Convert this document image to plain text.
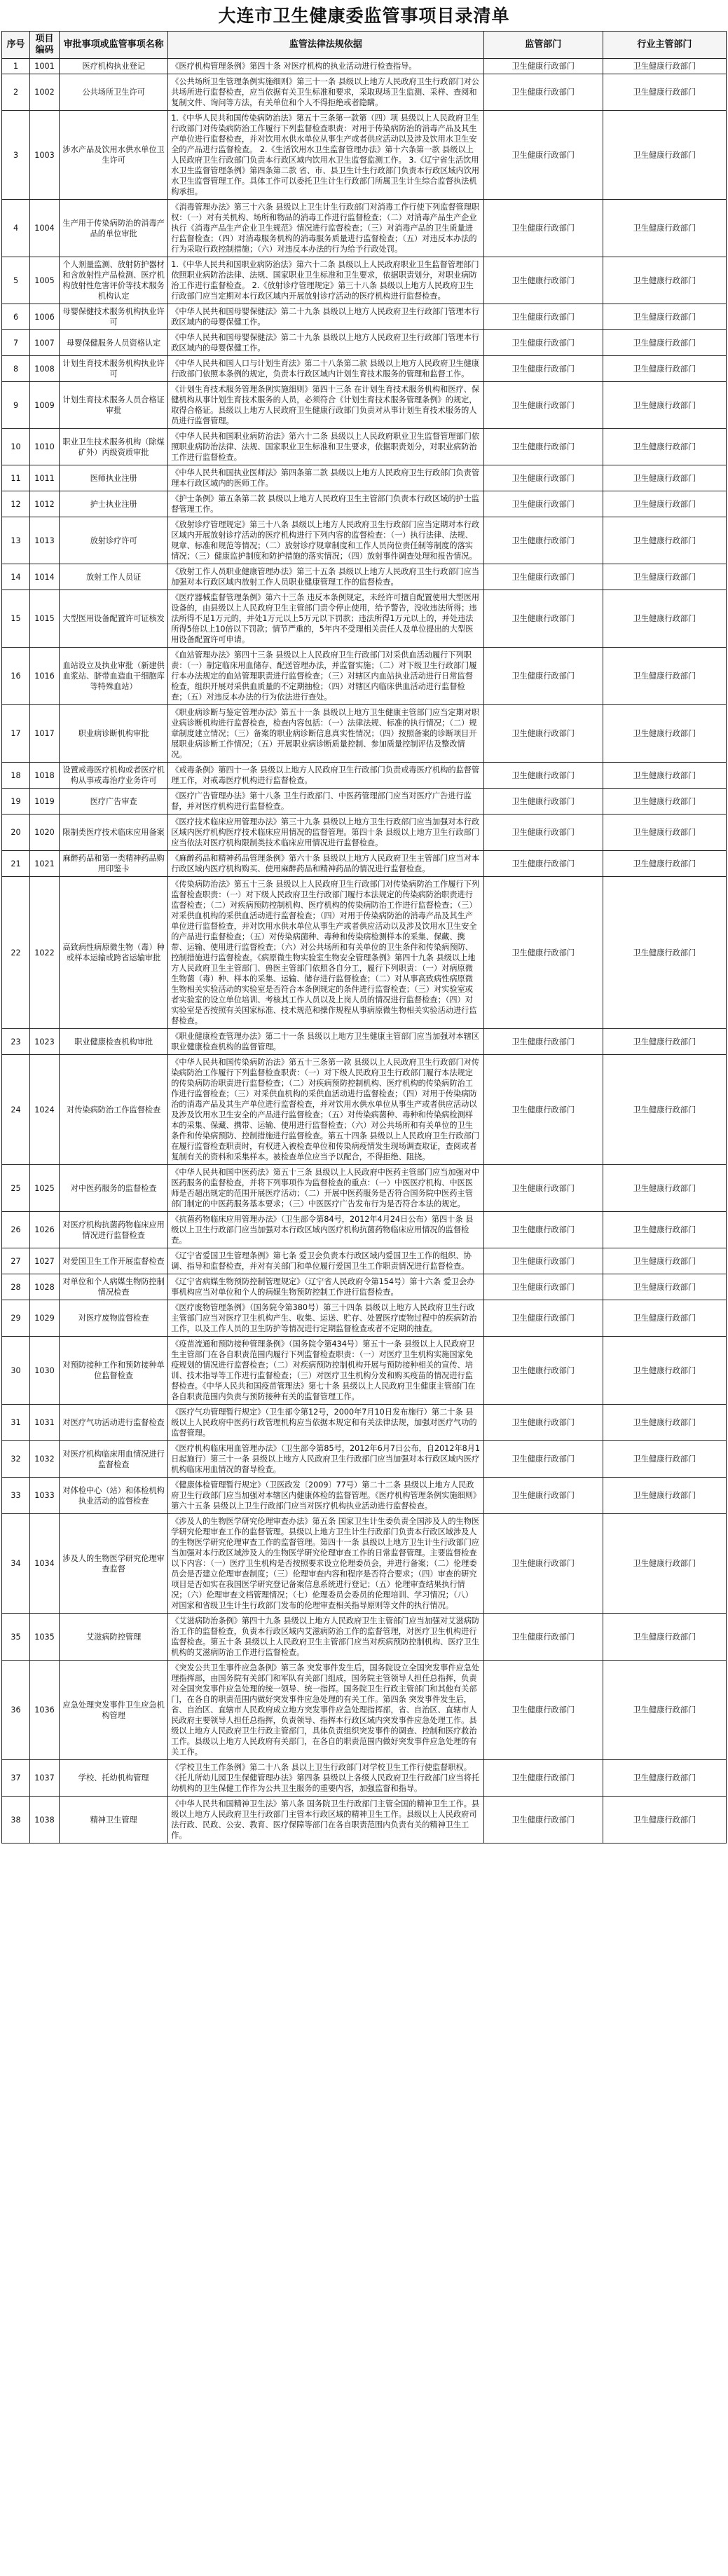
大连市卫生健康委监管事项目录清单
序号	项目编码	审批事项或监管事项名称	监管法律法规依据	监管部门	行业主管部门
1	1001	医疗机构执业登记	《医疗机构管理条例》第四十条 对医疗机构的执业活动进行检查指导。	卫生健康行政部门	卫生健康行政部门
2	1002	公共场所卫生许可	《公共场所卫生管理条例实施细则》第三十一条 县级以上地方人民政府卫生行政部门对公共场所进行监督检查，应当依据有关卫生标准和要求，采取现场卫生监测、采样、查阅和复制文件、询问等方法，有关单位和个人不得拒绝或者隐瞒。	卫生健康行政部门	卫生健康行政部门
3	1003	涉水产品及饮用水供水单位卫生许可	1.《中华人民共和国传染病防治法》第五十三条第一款第（四）项 县级以上人民政府卫生行政部门对传染病防治工作履行下列监督检查职责：对用于传染病防治的消毒产品及其生产单位进行监督检查，并对饮用水供水单位从事生产或者供应活动以及涉及饮用水卫生安全的产品进行监督检查。 2.《生活饮用水卫生监督管理办法》第十六条第一款 县级以上人民政府卫生行政部门负责本行政区域内饮用水卫生监督监测工作。 3.《辽宁省生活饮用水卫生监督管理条例》第四条第二款 省、市、县卫生计生行政部门负责本行政区域内饮用水卫生监督管理工作。具体工作可以委托卫生计生行政部门所属卫生计生综合监督执法机构承担。	卫生健康行政部门	卫生健康行政部门
4	1004	生产用于传染病防治的消毒产品的单位审批	《消毒管理办法》第三十六条 县级以上卫生计生行政部门对消毒工作行使下列监督管理职权：（一）对有关机构、场所和物品的消毒工作进行监督检查；（二）对消毒产品生产企业执行《消毒产品生产企业卫生规范》情况进行监督检查；（三）对消毒产品的卫生质量进行监督检查；（四）对消毒服务机构的消毒服务质量进行监督检查；（五）对违反本办法的行为采取行政控制措施；（六）对违反本办法的行为给予行政处罚。	卫生健康行政部门	卫生健康行政部门
5	1005	个人剂量监测、放射防护器材和含放射性产品检测、医疗机构放射性危害评价等技术服务机构认定	1.《中华人民共和国职业病防治法》第六十二条 县级以上人民政府职业卫生监督管理部门依照职业病防治法律、法规、国家职业卫生标准和卫生要求，依据职责划分，对职业病防治工作进行监督检查。 2.《放射诊疗管理规定》第三十八条 县级以上地方人民政府卫生行政部门应当定期对本行政区域内开展放射诊疗活动的医疗机构进行监督检查。	卫生健康行政部门	卫生健康行政部门
6	1006	母婴保健技术服务机构执业许可	《中华人民共和国母婴保健法》第二十九条 县级以上地方人民政府卫生行政部门管理本行政区域内的母婴保健工作。	卫生健康行政部门	卫生健康行政部门
7	1007	母婴保健服务人员资格认定	《中华人民共和国母婴保健法》第二十九条 县级以上地方人民政府卫生行政部门管理本行政区域内的母婴保健工作。	卫生健康行政部门	卫生健康行政部门
8	1008	计划生育技术服务机构执业许可	《中华人民共和国人口与计划生育法》第二十八条第二款 县级以上地方人民政府卫生健康行政部门依照本条例的规定，负责本行政区域内计划生育技术服务的管理和监督工作。	卫生健康行政部门	卫生健康行政部门
9	1009	计划生育技术服务人员合格证审批	《计划生育技术服务管理条例实施细则》第四十三条 在计划生育技术服务机构和医疗、保健机构从事计划生育技术服务的人员，必须符合《计划生育技术服务管理条例》的规定，取得合格证。县级以上地方人民政府卫生健康行政部门负责对从事计划生育技术服务的人员进行监督管理。	卫生健康行政部门	卫生健康行政部门
10	1010	职业卫生技术服务机构（除煤矿外）丙级资质审批	《中华人民共和国职业病防治法》第六十二条 县级以上人民政府职业卫生监督管理部门依照职业病防治法律、法规、国家职业卫生标准和卫生要求，依据职责划分，对职业病防治工作进行监督检查。	卫生健康行政部门	卫生健康行政部门
11	1011	医师执业注册	《中华人民共和国执业医师法》第四条第二款 县级以上地方人民政府卫生行政部门负责管理本行政区域内的医师工作。	卫生健康行政部门	卫生健康行政部门
12	1012	护士执业注册	《护士条例》第五条第二款 县级以上地方人民政府卫生主管部门负责本行政区域的护士监督管理工作。	卫生健康行政部门	卫生健康行政部门
13	1013	放射诊疗许可	《放射诊疗管理规定》第三十八条 县级以上地方人民政府卫生行政部门应当定期对本行政区域内开展放射诊疗活动的医疗机构进行下列内容的监督检查：（一）执行法律、法规、规章、标准和规范等情况；（二）放射诊疗规章制度和工作人员岗位责任制等制度的落实情况；（三）健康监护制度和防护措施的落实情况；（四）放射事件调查处理和报告情况。	卫生健康行政部门	卫生健康行政部门
14	1014	放射工作人员证	《放射工作人员职业健康管理办法》第三十五条 县级以上地方人民政府卫生行政部门应当加强对本行政区域内放射工作人员职业健康管理工作的监督检查。	卫生健康行政部门	卫生健康行政部门
15	1015	大型医用设备配置许可证核发	《医疗器械监督管理条例》第六十三条 违反本条例规定，未经许可擅自配置使用大型医用设备的，由县级以上人民政府卫生主管部门责令停止使用，给予警告，没收违法所得；违法所得不足1万元的，并处1万元以上5万元以下罚款；违法所得1万元以上的，并处违法所得5倍以上10倍以下罚款；情节严重的，5年内不受理相关责任人及单位提出的大型医用设备配置许可申请。	卫生健康行政部门	卫生健康行政部门
16	1016	血站设立及执业审批（新建供血浆站、脐带血造血干细胞库等特殊血站）	《血站管理办法》第四十三条 县级以上人民政府卫生行政部门对采供血活动履行下列职责：（一）制定临床用血储存、配送管理办法，并监督实施；（二）对下级卫生行政部门履行本办法规定的血站管理职责进行监督检查；（三）对辖区内血站执业活动进行日常监督检查，组织开展对采供血质量的不定期抽检；（四）对辖区内临床供血活动进行监督检查；（五）对违反本办法的行为依法进行查处。	卫生健康行政部门	卫生健康行政部门
17	1017	职业病诊断机构审批	《职业病诊断与鉴定管理办法》第五十一条 县级以上地方卫生健康主管部门应当定期对职业病诊断机构进行监督检查，检查内容包括：（一）法律法规、标准的执行情况；（二）规章制度建立情况；（三）备案的职业病诊断信息真实性情况；（四）按照备案的诊断项目开展职业病诊断工作情况；（五）开展职业病诊断质量控制、参加质量控制评估及整改情况。	卫生健康行政部门	卫生健康行政部门
18	1018	设置戒毒医疗机构或者医疗机构从事戒毒治疗业务许可	《戒毒条例》第四十一条 县级以上地方人民政府卫生行政部门负责戒毒医疗机构的监督管理工作，对戒毒医疗机构进行监督检查。	卫生健康行政部门	卫生健康行政部门
19	1019	医疗广告审查	《医疗广告管理办法》第十八条 卫生行政部门、中医药管理部门应当对医疗广告进行监督，并对医疗机构进行监督检查。	卫生健康行政部门	卫生健康行政部门
20	1020	限制类医疗技术临床应用备案	《医疗技术临床应用管理办法》第三十九条 县级以上地方卫生行政部门应当加强对本行政区域内医疗机构医疗技术临床应用情况的监督管理。第四十条 县级以上地方卫生行政部门应当依法对医疗机构限制类技术临床应用情况进行监督检查。	卫生健康行政部门	卫生健康行政部门
21	1021	麻醉药品和第一类精神药品购用印鉴卡	《麻醉药品和精神药品管理条例》第六十条 县级以上地方人民政府卫生主管部门应当对本行政区域内医疗机构购买、使用麻醉药品和精神药品的情况进行监督检查。	卫生健康行政部门	卫生健康行政部门
22	1022	高致病性病原微生物（毒）种或样本运输或跨省运输审批	《传染病防治法》第五十三条 县级以上人民政府卫生行政部门对传染病防治工作履行下列监督检查职责：（一）对下级人民政府卫生行政部门履行本法规定的传染病防治职责进行监督检查；（二）对疾病预防控制机构、医疗机构的传染病防治工作进行监督检查；（三）对采供血机构的采供血活动进行监督检查；（四）对用于传染病防治的消毒产品及其生产单位进行监督检查，并对饮用水供水单位从事生产或者供应活动以及涉及饮用水卫生安全的产品进行监督检查；（五）对传染病菌种、毒种和传染病检测样本的采集、保藏、携带、运输、使用进行监督检查；（六）对公共场所和有关单位的卫生条件和传染病预防、控制措施进行监督检查。《病原微生物实验室生物安全管理条例》第四十九条 县级以上地方人民政府卫生主管部门、兽医主管部门依照各自分工，履行下列职责：（一）对病原微生物菌（毒）种、样本的采集、运输、储存进行监督检查；（二）对从事高致病性病原微生物相关实验活动的实验室是否符合本条例规定的条件进行监督检查；（三）对实验室或者实验室的设立单位培训、考核其工作人员以及上岗人员的情况进行监督检查；（四）对实验室是否按照有关国家标准、技术规范和操作规程从事病原微生物相关实验活动进行监督检查。	卫生健康行政部门	卫生健康行政部门
23	1023	职业健康检查机构审批	《职业健康检查管理办法》第二十一条 县级以上地方卫生健康主管部门应当加强对本辖区职业健康检查机构的监督管理。	卫生健康行政部门	卫生健康行政部门
24	1024	对传染病防治工作监督检查	《中华人民共和国传染病防治法》第五十三条第一款 县级以上人民政府卫生行政部门对传染病防治工作履行下列监督检查职责：（一）对下级人民政府卫生行政部门履行本法规定的传染病防治职责进行监督检查；（二）对疾病预防控制机构、医疗机构的传染病防治工作进行监督检查；（三）对采供血机构的采供血活动进行监督检查；（四）对用于传染病防治的消毒产品及其生产单位进行监督检查，并对饮用水供水单位从事生产或者供应活动以及涉及饮用水卫生安全的产品进行监督检查；（五）对传染病菌种、毒种和传染病检测样本的采集、保藏、携带、运输、使用进行监督检查；（六）对公共场所和有关单位的卫生条件和传染病预防、控制措施进行监督检查。第五十四条 县级以上人民政府卫生行政部门在履行监督检查职责时，有权进入被检查单位和传染病疫情发生现场调查取证，查阅或者复制有关的资料和采集样本。被检查单位应当予以配合，不得拒绝、阻挠。	卫生健康行政部门	卫生健康行政部门
25	1025	对中医药服务的监督检查	《中华人民共和国中医药法》第五十三条 县级以上人民政府中医药主管部门应当加强对中医药服务的监督检查，并将下列事项作为监督检查的重点：（一）中医医疗机构、中医医师是否超出规定的范围开展医疗活动；（二）开展中医药服务是否符合国务院中医药主管部门制定的中医药服务基本要求；（三）中医医疗广告发布行为是否符合本法的规定。	卫生健康行政部门	卫生健康行政部门
26	1026	对医疗机构抗菌药物临床应用情况进行监督检查	《抗菌药物临床应用管理办法》（卫生部令第84号，2012年4月24日公布）第四十条 县级以上卫生行政部门应当加强对本行政区域内医疗机构抗菌药物临床应用情况的监督检查。	卫生健康行政部门	卫生健康行政部门
27	1027	对爱国卫生工作开展监督检查	《辽宁省爱国卫生管理条例》第七条 爱卫会负责本行政区域内爱国卫生工作的组织、协调、指导和监督检查，并对有关部门和单位履行爱国卫生工作职责情况进行监督检查。	卫生健康行政部门	卫生健康行政部门
28	1028	对单位和个人病媒生物防控制情况检查	《辽宁省病媒生物预防控制管理规定》（辽宁省人民政府令第154号）第十六条 爱卫会办事机构应当对单位和个人的病媒生物预防控制工作进行监督检查。	卫生健康行政部门	卫生健康行政部门
29	1029	对医疗废物监督检查	《医疗废物管理条例》（国务院令第380号）第三十四条 县级以上地方人民政府卫生行政主管部门应当对医疗卫生机构产生、收集、运送、贮存、处置医疗废物过程中的疾病防治工作，以及工作人员的卫生防护等情况进行定期监督检查或者不定期的抽查。	卫生健康行政部门	卫生健康行政部门
30	1030	对预防接种工作和预防接种单位监督检查	《疫苗流通和预防接种管理条例》（国务院令第434号）第五十一条 县级以上人民政府卫生主管部门在各自职责范围内履行下列监督检查职责：（一）对医疗卫生机构实施国家免疫规划的情况进行监督检查；（二）对疾病预防控制机构开展与预防接种相关的宣传、培训、技术指导等工作进行监督检查；（三）对医疗卫生机构分发和购买疫苗的情况进行监督检查。《中华人民共和国疫苗管理法》第七十条 县级以上人民政府卫生健康主管部门在各自职责范围内负责与预防接种有关的监督管理工作。	卫生健康行政部门	卫生健康行政部门
31	1031	对医疗气功活动进行监督检查	《医疗气功管理暂行规定》（卫生部令第12号，2000年7月10日发布施行）第二十条 县级以上人民政府中医药行政管理机构应当依据本规定和有关法律法规，加强对医疗气功的监督管理。	卫生健康行政部门	卫生健康行政部门
32	1032	对医疗机构临床用血情况进行监督检查	《医疗机构临床用血管理办法》（卫生部令第85号，2012年6月7日公布，自2012年8月1日起施行）第三十一条 县级以上地方人民政府卫生行政部门应当加强对本行政区域内医疗机构临床用血情况的督导检查。	卫生健康行政部门	卫生健康行政部门
33	1033	对体检中心（站）和体检机构执业活动的监督检查	《健康体检管理暂行规定》（卫医政发〔2009〕77号）第二十二条 县级以上地方人民政府卫生行政部门应当加强对本辖区内健康体检的监督管理。《医疗机构管理条例实施细则》第六十五条 县级以上卫生行政部门应当对医疗机构执业活动进行监督检查。	卫生健康行政部门	卫生健康行政部门
34	1034	涉及人的生物医学研究伦理审查监督	《涉及人的生物医学研究伦理审查办法》第五条 国家卫生计生委负责全国涉及人的生物医学研究伦理审查工作的监督管理。县级以上地方卫生计生行政部门负责本行政区域涉及人的生物医学研究伦理审查工作的监督管理。第四十一条 县级以上地方卫生计生行政部门应当加强对本行政区域涉及人的生物医学研究伦理审查工作的日常监督管理。主要监督检查以下内容：（一）医疗卫生机构是否按照要求设立伦理委员会，并进行备案；（二）伦理委员会是否建立伦理审查制度；（三）伦理审查内容和程序是否符合要求；（四）审查的研究项目是否如实在我国医学研究登记备案信息系统进行登记；（五）伦理审查结果执行情况；（六）伦理审查文档管理情况；（七）伦理委员会委员的伦理培训、学习情况；（八）对国家和省级卫生计生行政部门发布的伦理审查相关指导原则等文件的执行情况。	卫生健康行政部门	卫生健康行政部门
35	1035	艾滋病防控管理	《艾滋病防治条例》第四十九条 县级以上地方人民政府卫生主管部门应当加强对艾滋病防治工作的监督检查，负责本行政区域内艾滋病防治工作的监督管理，对医疗卫生机构进行监督检查。第五十条 县级以上人民政府卫生主管部门应当对疾病预防控制机构、医疗卫生机构的艾滋病防治工作进行监督检查。	卫生健康行政部门	卫生健康行政部门
36	1036	应急处理突发事件卫生应急机构管理	《突发公共卫生事件应急条例》第三条 突发事件发生后，国务院设立全国突发事件应急处理指挥部，由国务院有关部门和军队有关部门组成，国务院主管领导人担任总指挥，负责对全国突发事件应急处理的统一领导、统一指挥。国务院卫生行政主管部门和其他有关部门，在各自的职责范围内做好突发事件应急处理的有关工作。第四条 突发事件发生后，省、自治区、直辖市人民政府成立地方突发事件应急处理指挥部，省、自治区、直辖市人民政府主要领导人担任总指挥，负责领导、指挥本行政区域内突发事件应急处理工作。县级以上地方人民政府卫生行政主管部门，具体负责组织突发事件的调查、控制和医疗救治工作。县级以上地方人民政府有关部门，在各自的职责范围内做好突发事件应急处理的有关工作。	卫生健康行政部门	卫生健康行政部门
37	1037	学校、托幼机构管理	《学校卫生工作条例》第二十八条 县以上卫生行政部门对学校卫生工作行使监督职权。《托儿所幼儿园卫生保健管理办法》第四条 县级以上各级人民政府卫生行政部门应当将托幼机构的卫生保健工作作为公共卫生服务的重要内容，加强监督和指导。	卫生健康行政部门	卫生健康行政部门
38	1038	精神卫生管理	《中华人民共和国精神卫生法》第八条 国务院卫生行政部门主管全国的精神卫生工作。县级以上地方人民政府卫生行政部门主管本行政区域的精神卫生工作。县级以上人民政府司法行政、民政、公安、教育、医疗保障等部门在各自职责范围内负责有关的精神卫生工作。	卫生健康行政部门	卫生健康行政部门
